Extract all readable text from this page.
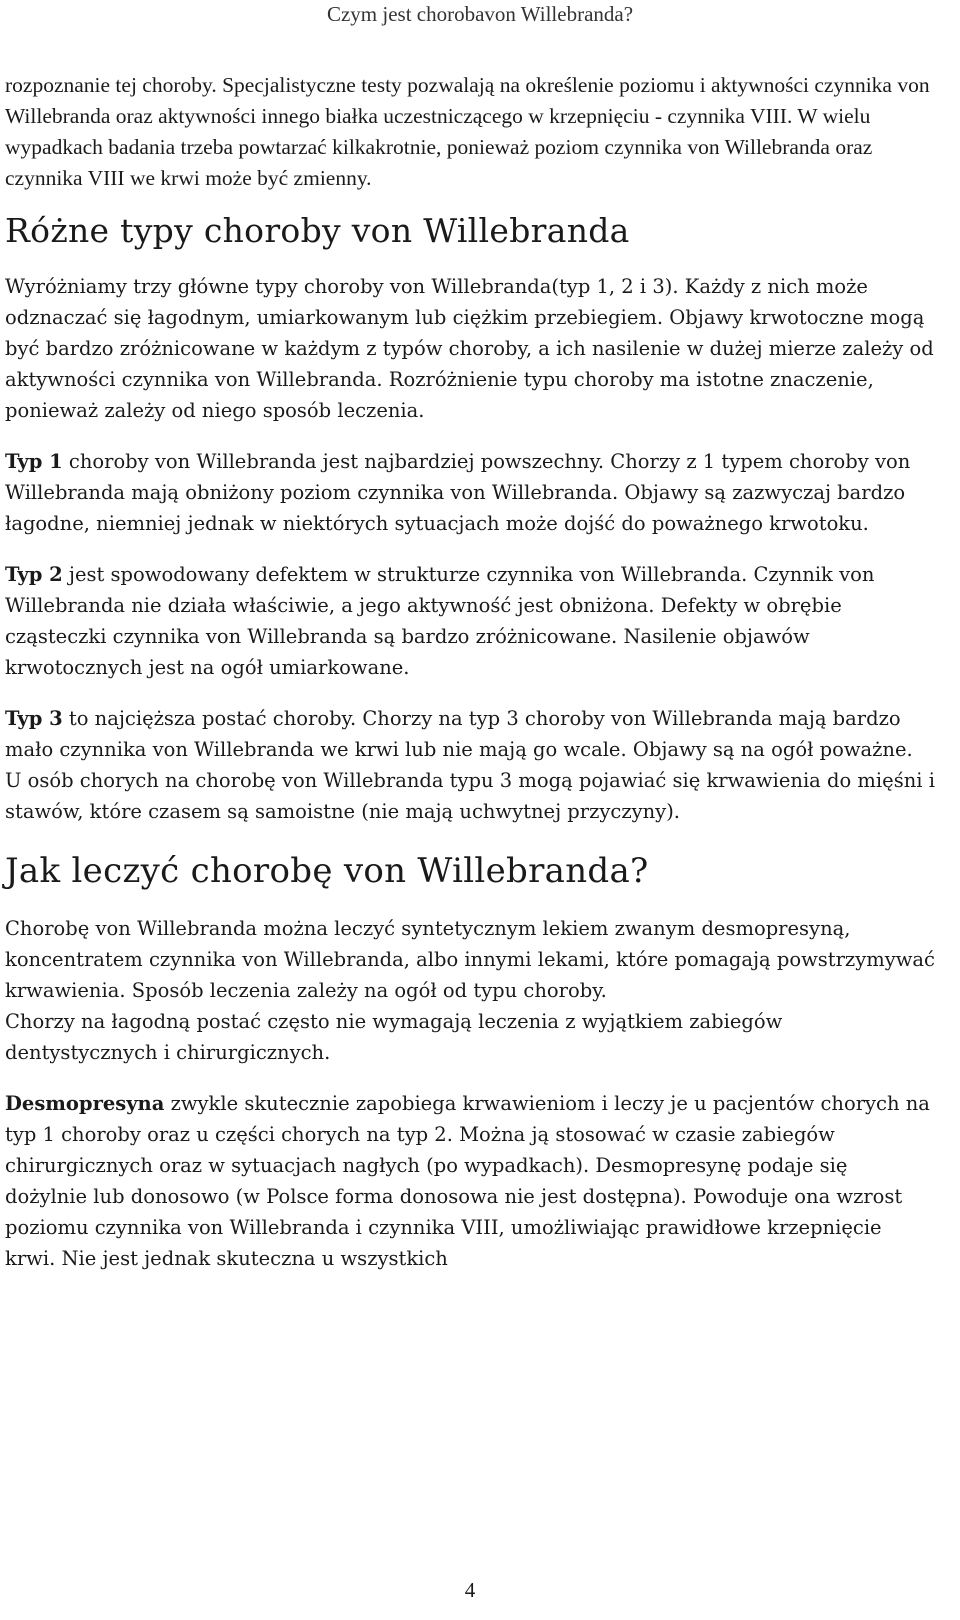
Czym jest chorobavon Willebranda?

rozpoznanie tej choroby. Specjalistyczne testy pozwalają na określenie poziomu i aktywności czynnika von Willebranda oraz aktywności innego białka uczestniczącego w krzepnięciu - czynnika VIII. W wielu wypadkach badania trzeba powtarzać kilkakrotnie, ponieważ poziom czynnika von Willebranda oraz czynnika VIII we krwi może być zmienny.

Różne typy choroby von Willebranda

Wyróżniamy trzy główne typy choroby von Willebranda(typ 1, 2 i 3). Każdy z nich może odznaczać się łagodnym, umiarkowanym lub ciężkim przebiegiem. Objawy krwotoczne mogą być bardzo zróżnicowane w każdym z typów choroby, a ich nasilenie w dużej mierze zależy od aktywności czynnika von Willebranda. Rozróżnienie typu choroby ma istotne znaczenie, ponieważ zależy od niego sposób leczenia.

Typ 1 choroby von Willebranda jest najbardziej powszechny. Chorzy z 1 typem choroby von Willebranda mają obniżony poziom czynnika von Willebranda. Objawy są zazwyczaj bardzo łagodne, niemniej jednak w niektórych sytuacjach może dojść do poważnego krwotoku.

Typ 2 jest spowodowany defektem w strukturze czynnika von Willebranda. Czynnik von Willebranda nie działa właściwie, a jego aktywność jest obniżona. Defekty w obrębie cząsteczki czynnika von Willebranda są bardzo zróżnicowane. Nasilenie objawów krwotocznych jest na ogół umiarkowane.

Typ 3 to najcięższa postać choroby. Chorzy na typ 3 choroby von Willebranda mają bardzo mało czynnika von Willebranda we krwi lub nie mają go wcale. Objawy są na ogół poważne. U osób chorych na chorobę von Willebranda typu 3 mogą pojawiać się krwawienia do mięśni i stawów, które czasem są samoistne (nie mają uchwytnej przyczyny).

Jak leczyć chorobę von Willebranda?

Chorobę von Willebranda można leczyć syntetycznym lekiem zwanym desmopresyną, koncentratem czynnika von Willebranda, albo innymi lekami, które pomagają powstrzymywać krwawienia. Sposób leczenia zależy na ogół od typu choroby.

Chorzy na łagodną postać często nie wymagają leczenia z wyjątkiem zabiegów dentystycznych i chirurgicznych.

Desmopresyna zwykle skutecznie zapobiega krwawieniom i leczy je u pacjentów chorych na typ 1 choroby oraz u części chorych na typ 2. Można ją stosować w czasie zabiegów chirurgicznych oraz w sytuacjach nagłych (po wypadkach). Desmopresynę podaje się dożylnie lub donosowo (w Polsce forma donosowa nie jest dostępna). Powoduje ona wzrost poziomu czynnika von Willebranda i czynnika VIII, umożliwiając prawidłowe krzepnięcie krwi. Nie jest jednak skuteczna u wszystkich

4
